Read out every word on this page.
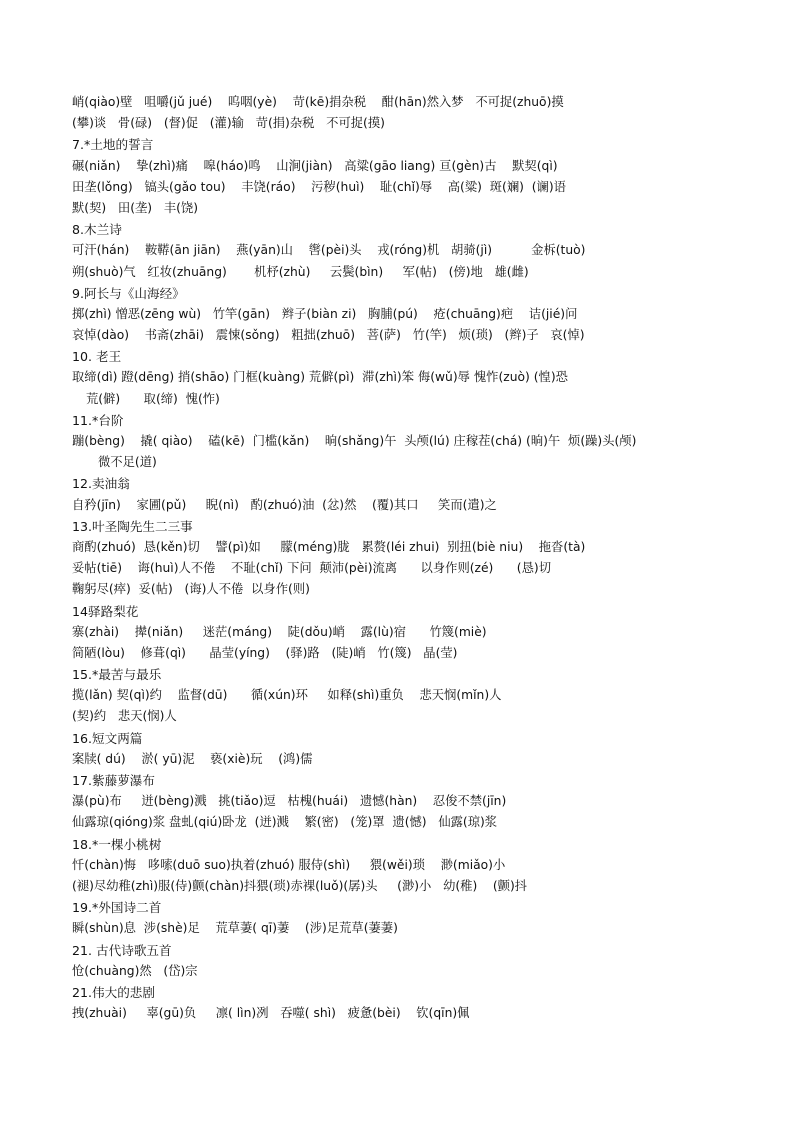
峭(qiào)壁   咀嚼(jǔ jué)    呜咽(yè)    苛(kē)捐杂税    酣(hān)然入梦   不可捉(zhuō)摸
(攀)谈   骨(碌)   (督)促   (灌)输   苛(捐)杂税   不可捉(摸)
7.*土地的誓言
碾(niǎn)    挚(zhì)痛    嗥(háo)鸣    山涧(jiàn)   高粱(gāo liang) 亘(gèn)古    默契(qì)
田垄(lǒng)   镐头(gǎo tou)    丰饶(ráo)    污秽(huì)    耻(chǐ)辱    高(粱)  斑(斓)  (谰)语
默(契)   田(垄)   丰(饶)
8.木兰诗
可汗(hán)    鞍鞯(ān jiān)    燕(yān)山    辔(pèi)头    戎(róng)机   胡骑(jì)          金柝(tuò)
朔(shuò)气   红妆(zhuāng)       机杼(zhù)     云鬓(bìn)     军(帖)   (傍)地   雄(雌)
9.阿长与《山海经》
掷(zhì) 憎恶(zēng wù)   竹竿(gān)   辫子(biàn zi)   胸脯(pú)    疮(chuāng)疤    诘(jié)问
哀悼(dào)    书斋(zhāi)   震悚(sǒng)   粗拙(zhuō)   菩(萨)   竹(竿)   烦(琐)   (辫)子   哀(悼)
10. 老王
取缔(dì) 蹬(dēng) 捎(shāo) 门框(kuàng) 荒僻(pì)  滞(zhì)笨 侮(wǔ)辱 愧怍(zuò) (惶)恐
荒(僻)      取(缔)  愧(怍)
11.*台阶
蹦(bèng)    撬( qiào)    磕(kē)  门槛(kǎn)    晌(shǎng)午  头颅(lú) 庄稼茬(chá) (晌)午  烦(躁)头(颅)
微不足(道)
12.卖油翁
自矜(jīn)    家圃(pǔ)     睨(nì)   酌(zhuó)油  (忿)然    (覆)其口     笑而(遣)之
13.叶圣陶先生二三事
商酌(zhuó)  恳(kěn)切    譬(pì)如     朦(méng)胧   累赘(léi zhui)  别扭(biè niu)    拖沓(tà)
妥帖(tiē)    诲(huì)人不倦    不耻(chǐ) 下问  颠沛(pèi)流离      以身作则(zé)      (恳)切
鞠躬尽(瘁)  妥(帖)   (诲)人不倦  以身作(则)
14驿路梨花
寨(zhài)    撵(niǎn)     迷茫(máng)    陡(dǒu)峭    露(lù)宿      竹篾(miè)
简陋(lòu)    修葺(qì)      晶莹(yíng)    (驿)路   (陡)峭   竹(篾)   晶(莹)
15.*最苦与最乐
揽(lǎn) 契(qì)约    监督(dū)      循(xún)环     如释(shì)重负    悲天悯(mǐn)人
(契)约   悲天(悯)人
16.短文两篇
案牍( dú)    淤( yū)泥    亵(xiè)玩    (鸿)儒
17.紫藤萝瀑布
瀑(pù)布     迸(bèng)溅   挑(tiǎo)逗   枯槐(huái)   遗憾(hàn)    忍俊不禁(jīn)
仙露琼(qióng)浆 盘虬(qiú)卧龙  (迸)溅    繁(密)   (笼)罩  遗(憾)   仙露(琼)浆
18.*一棵小桃树
忏(chàn)悔   哆嗦(duō suo)执着(zhuó) 服侍(shì)     猥(wěi)琐    渺(miǎo)小
(褪)尽幼稚(zhì)服(侍)颤(chàn)抖猥(琐)赤裸(luǒ)(孱)头     (渺)小   幼(稚)    (颤)抖
19.*外国诗二首
瞬(shùn)息  涉(shè)足    荒草萋( qī)萋    (涉)足荒草(萋萋)
21. 古代诗歌五首
怆(chuàng)然   (岱)宗
21.伟大的悲剧
拽(zhuài)     辜(gū)负     凛( lìn)冽   吞噬( shì)   疲惫(bèi)    钦(qīn)佩
